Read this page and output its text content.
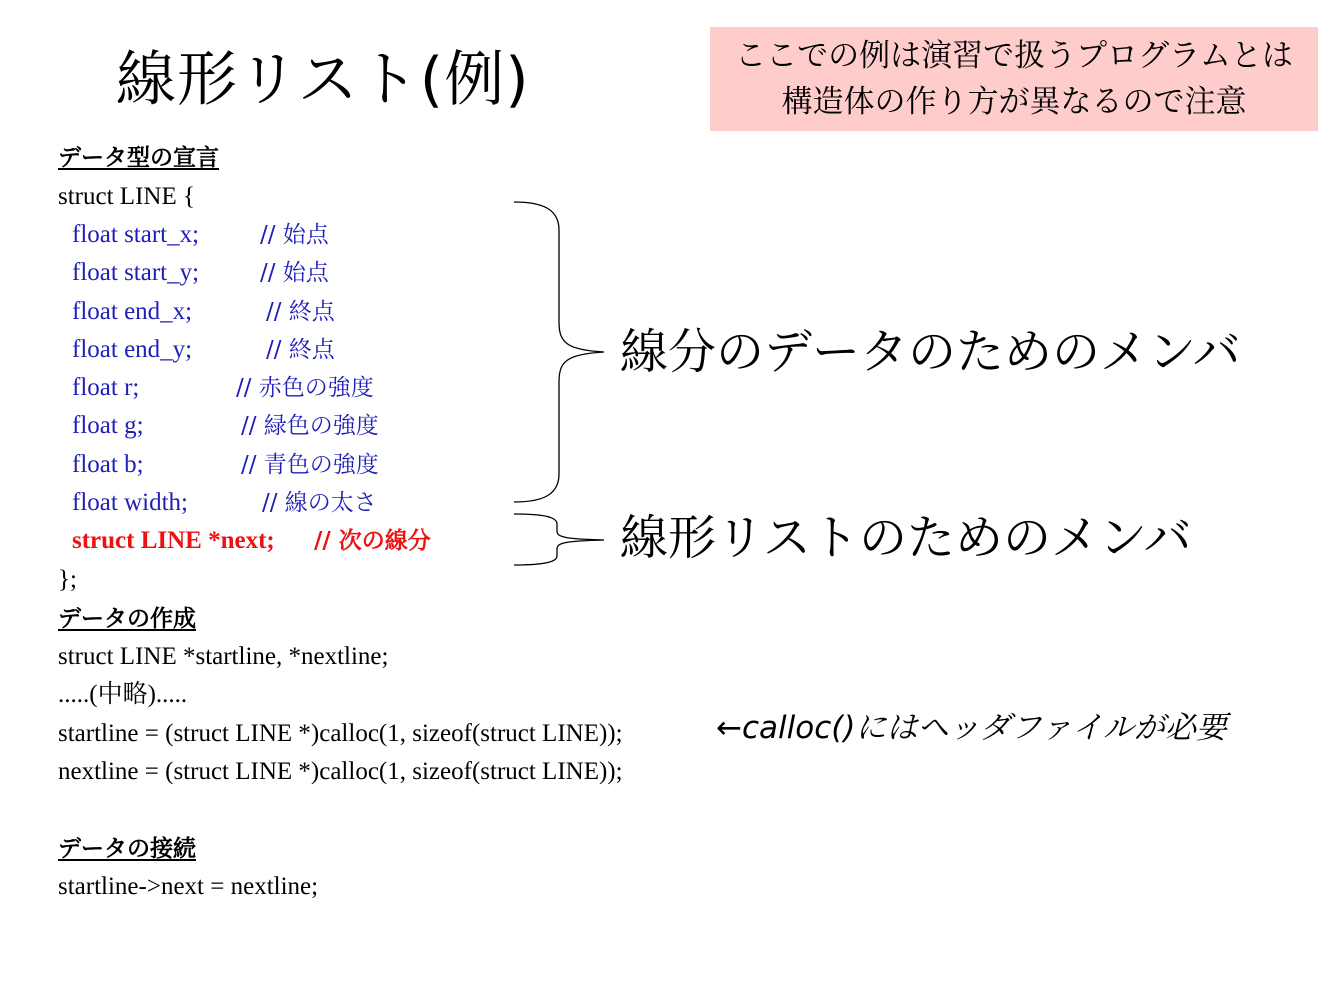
線形リスト(例)	ここでの例は演習で扱うプログラムとは
構造体の作り方が異なるので注意
データ型の宣言
struct LINE {
float start_x;	// 始点
float start_y;	// 始点
float end_x;	// 終点
float end_y;	// 終点
float r;	// 赤色の強度
float g;	// 緑色の強度
float b;	// 青色の強度
float width;	// 線の太さ
struct LINE *next; // 次の線分
};
データの作成
struct LINE *startline, *nextline;
.....(中略).....
startline = (struct LINE *)calloc(1, sizeof(struct LINE));
nextline = (struct LINE *)calloc(1, sizeof(struct LINE));
データの接続
startline->next = nextline;
線分のデータのためのメンバ
線形リストのためのメンバ
←calloc()にはヘッダファイルが必要
